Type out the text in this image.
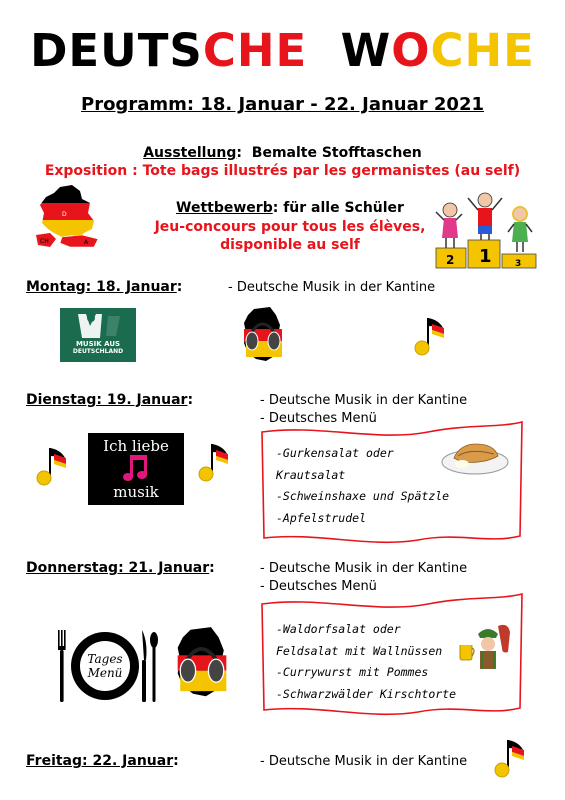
DEUTSCHE WOCHE
Programm: 18. Januar - 22. Januar 2021
Ausstellung: Bemalte Stofftaschen
Exposition : Tote bags illustrés par les germanistes (au self)
D
CH	A
Wettbewerb: für alle Schüler
Jeu-concours pour tous les élèves,
disponible au self
2 1	3
Montag: 18. Januar:	- Deutsche Musik in der Kantine
MUSIK AUS
DEUTSCHLAND
Dienstag: 19. Januar:	- Deutsche Musik in der Kantine
- Deutsches Menü
Ich liebe
musik
-Gurkensalat oder
Krautsalat
-Schweinshaxe und Spätzle
-Apfelstrudel
Donnerstag: 21. Januar:	- Deutsche Musik in der Kantine
- Deutsches Menü
Tages
Menü
-Waldorfsalat oder
Feldsalat mit Wallnüssen
-Currywurst mit Pommes
-Schwarzwälder Kirschtorte
Freitag: 22. Januar:	- Deutsche Musik in der Kantine
